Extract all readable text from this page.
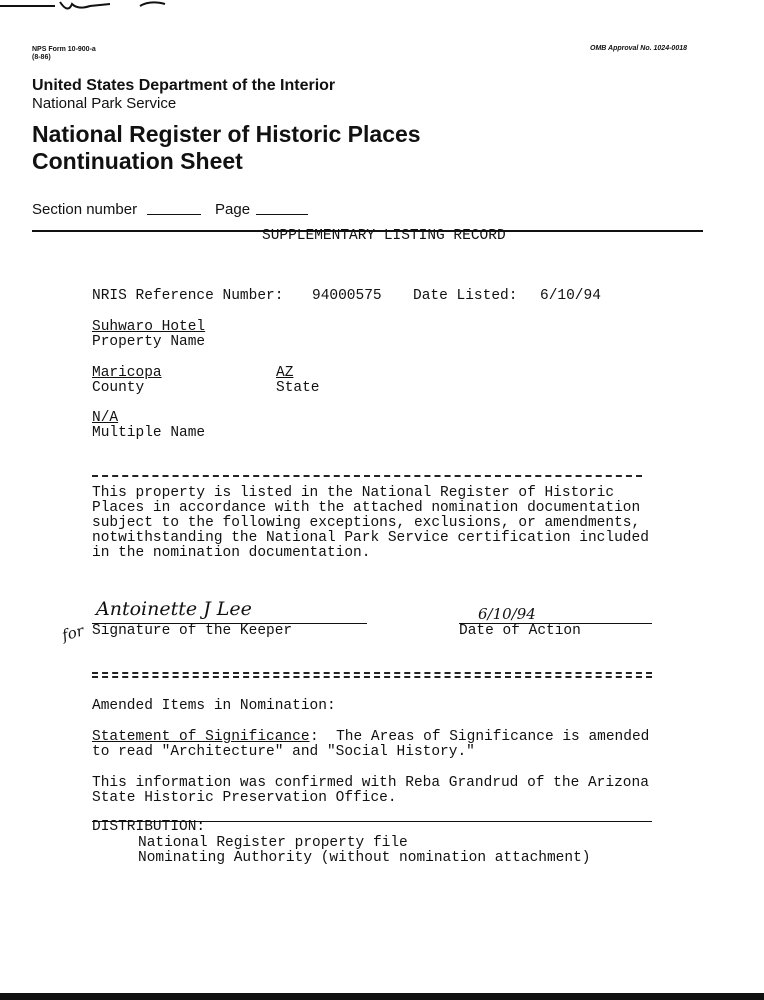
NPS Form 10-900-a
(8-86)
OMB Approval No. 1024-0018
United States Department of the Interior
National Park Service
National Register of Historic Places
Continuation Sheet
Section number	Page
SUPPLEMENTARY LISTING RECORD
NRIS Reference Number: 94000575 Date Listed: 6/10/94
Suhwaro Hotel
Property Name
Maricopa
County
AZ
State
N/A
Multiple Name
This property is listed in the National Register of Historic
Places in accordance with the attached nomination documentation
subject to the following exceptions, exclusions, or amendments,
notwithstanding the National Park Service certification included
in the nomination documentation.
Antoinette J Lee
for Signature of the Keeper
6/10/94
Date of Action
Amended Items in Nomination:
Statement of Significance :  The Areas of Significance is amended
to read "Architecture" and "Social History."
This information was confirmed with Reba Grandrud of the Arizona
State Historic Preservation Office.
DISTRIBUTION:
National Register property file
Nominating Authority (without nomination attachment)
